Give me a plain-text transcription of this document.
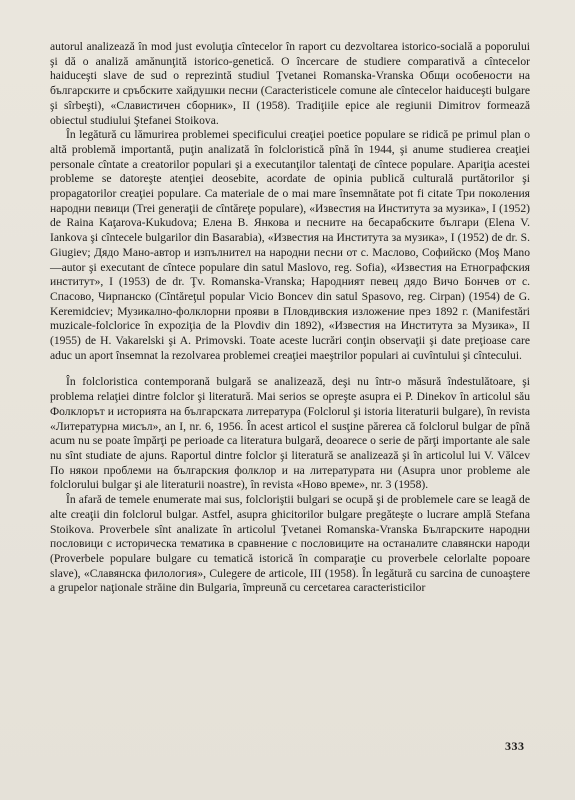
autorul analizează în mod just evoluţia cîntecelor în raport cu dezvoltarea istorico-socială a poporului şi dă o analiză amănunţită istorico-genetică. O încercare de studiere comparativă a cîntecelor haiduceşti slave de sud o reprezintă studiul Ţvetanei Romanska-Vranska Общи особености на българските и сръбските хайдушки песни (Caracteristicele comune ale cîntecelor haiduceşti bulgare şi sîrbeşti), «Славистичен сборник», II (1958). Tradiţiile epice ale regiunii Dimitrov formează obiectul studiului Ştefanei Stoikova.

În legătură cu lămurirea problemei specificului creaţiei poetice populare se ridică pe primul plan o altă problemă importantă, puţin analizată în folcloristică pînă în 1944, şi anume studierea creaţiei personale cîntate a creatorilor populari şi a executanţilor talentaţi de cîntece populare. Apariţia acestei probleme se datoreşte atenţiei deosebite, acordate de opinia publică culturală purtătorilor şi propagatorilor creaţiei populare. Ca materiale de o mai mare însemnătate pot fi citate Три поколения народни певици (Trei generaţii de cîntăreţe populare), «Известия на Института за музика», I (1952) de Raina Kaţarova-Kukudova; Елена В. Янкова и песните на бесарабските българи (Elena V. Iankova şi cîntecele bulgarilor din Basarabia), «Известия на Института за музика», I (1952) de dr. S. Giugiev; Дядо Мано-автор и изпълнител на народни песни от с. Маслово, Софийско (Moş Mano—autor şi executant de cîntece populare din satul Maslovo, reg. Sofia), «Известия на Етнографския институт», I (1953) de dr. Ţv. Romanska-Vranska; Народният певец дядо Вичо Бончев от с. Спасово, Чирпанско (Cîntăreţul popular Vicio Boncev din satul Spasovo, reg. Cirpan) (1954) de G. Keremidciev; Музикално-фолклорни прояви в Пловдивския изложение през 1892 г. (Manifestări muzicale-folclorice în expoziţia de la Plovdiv din 1892), «Известия на Института за Музика», II (1955) de H. Vakarelski şi A. Primovski. Toate aceste lucrări conţin observaţii şi date preţioase care aduc un aport însemnat la rezolvarea problemei creaţiei maeştrilor populari ai cuvîntului şi cîntecului.

În folcloristica contemporană bulgară se analizează, deşi nu într-o măsură îndestulătoare, şi problema relaţiei dintre folclor şi literatură. Mai serios se opreşte asupra ei P. Dinekov în articolul său Фолклорът и историята на българската литература (Folclorul şi istoria literaturii bulgare), în revista «Литературна мисъл», an I, nr. 6, 1956. În acest articol el susţine părerea că folclorul bulgar de pînă acum nu se poate împărţi pe perioade ca literatura bulgară, deoarece o serie de părţi importante ale sale nu sînt studiate de ajuns. Raportul dintre folclor şi literatură se analizează şi în articolul lui V. Vălcev По някои проблеми на българския фолклор и на литературата ни (Asupra unor probleme ale folclorului bulgar şi ale literaturii noastre), în revista «Ново време», nr. 3 (1958).

În afară de temele enumerate mai sus, folcloriştii bulgari se ocupă şi de problemele care se leagă de alte creaţii din folclorul bulgar. Astfel, asupra ghicitorilor bulgare pregăteşte o lucrare amplă Stefana Stoikova. Proverbele sînt analizate în articolul Ţvetanei Romanska-Vranska Българските народни пословици с историческа тематика в сравнение с пословиците на останалите славянски народи (Proverbele populare bulgare cu tematică istorică în comparaţie cu proverbele celorlalte popoare slave), «Славянска филология», Culegere de articole, III (1958). În legătură cu sarcina de cunoaştere a grupelor naţionale străine din Bulgaria, împreună cu cercetarea caracteristicilor

333
